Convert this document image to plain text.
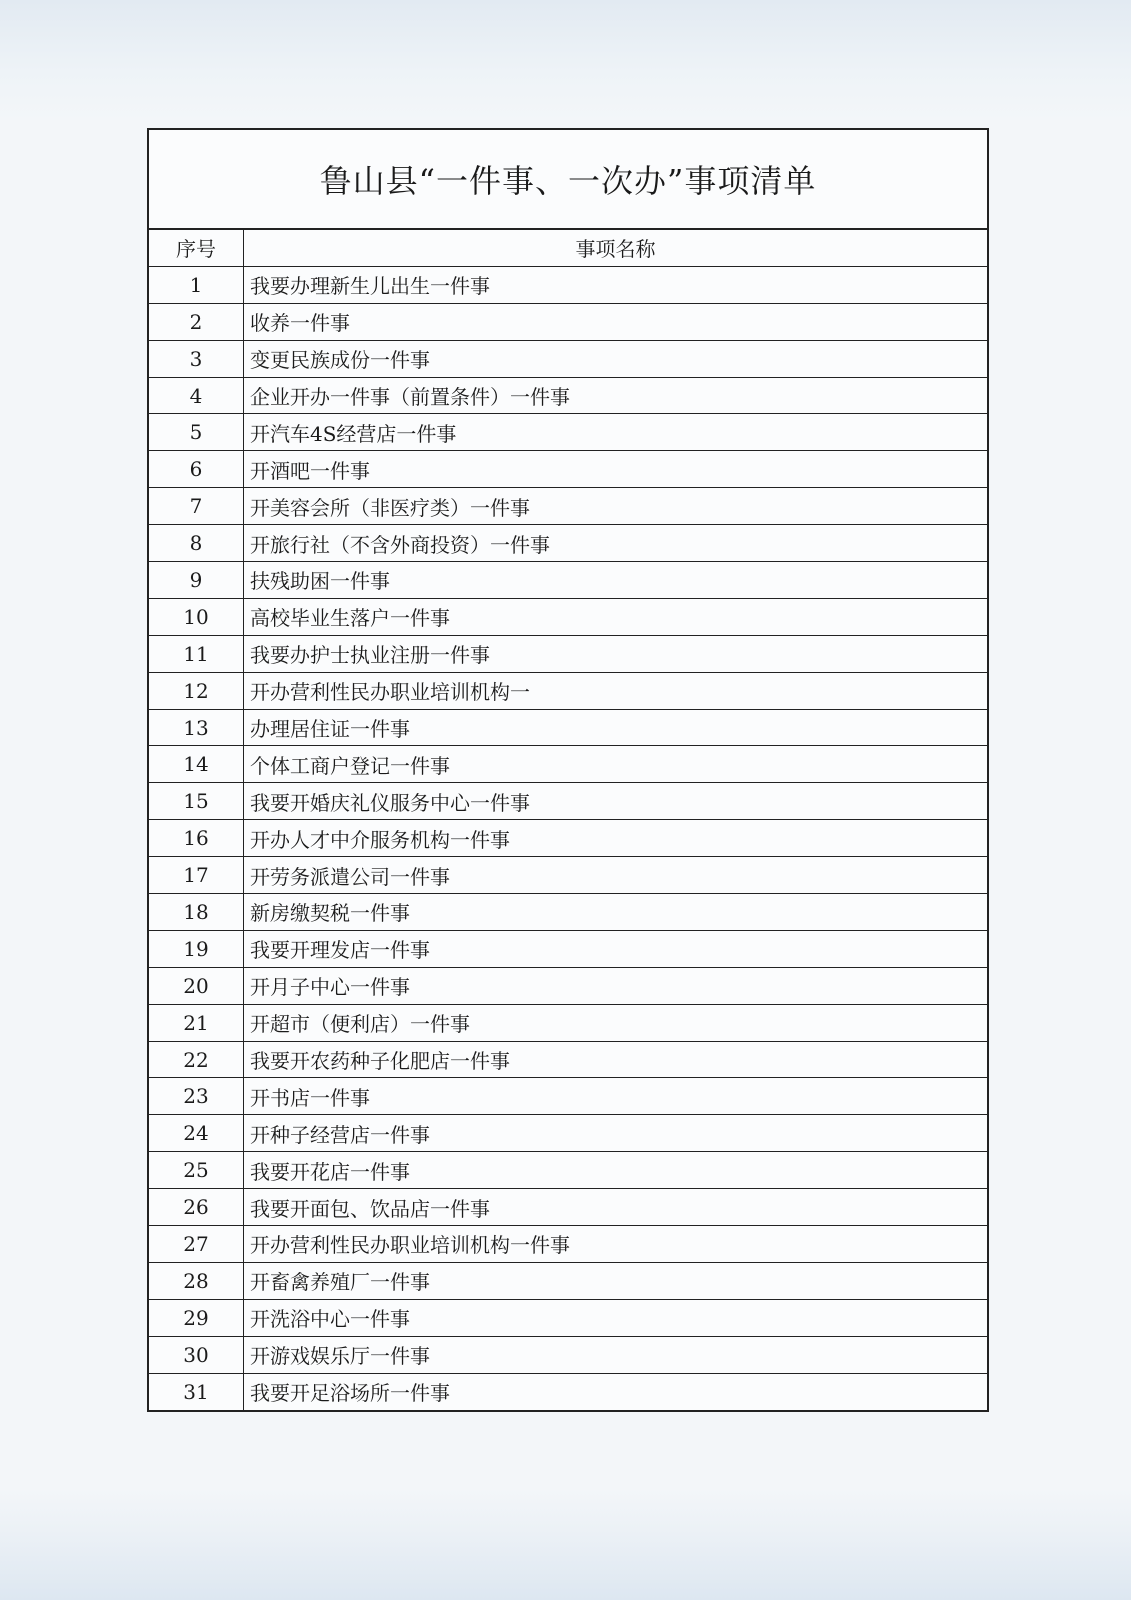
鲁山县“一件事、一次办”事项清单
序号	事项名称
1	我要办理新生儿出生一件事
2	收养一件事
3	变更民族成份一件事
4	企业开办一件事（前置条件）一件事
5	开汽车4S经营店一件事
6	开酒吧一件事
7	开美容会所（非医疗类）一件事
8	开旅行社（不含外商投资）一件事
9	扶残助困一件事
10	高校毕业生落户一件事
11	我要办护士执业注册一件事
12	开办营利性民办职业培训机构一
13	办理居住证一件事
14	个体工商户登记一件事
15	我要开婚庆礼仪服务中心一件事
16	开办人才中介服务机构一件事
17	开劳务派遣公司一件事
18	新房缴契税一件事
19	我要开理发店一件事
20	开月子中心一件事
21	开超市（便利店）一件事
22	我要开农药种子化肥店一件事
23	开书店一件事
24	开种子经营店一件事
25	我要开花店一件事
26	我要开面包、饮品店一件事
27	开办营利性民办职业培训机构一件事
28	开畜禽养殖厂一件事
29	开洗浴中心一件事
30	开游戏娱乐厅一件事
31	我要开足浴场所一件事
